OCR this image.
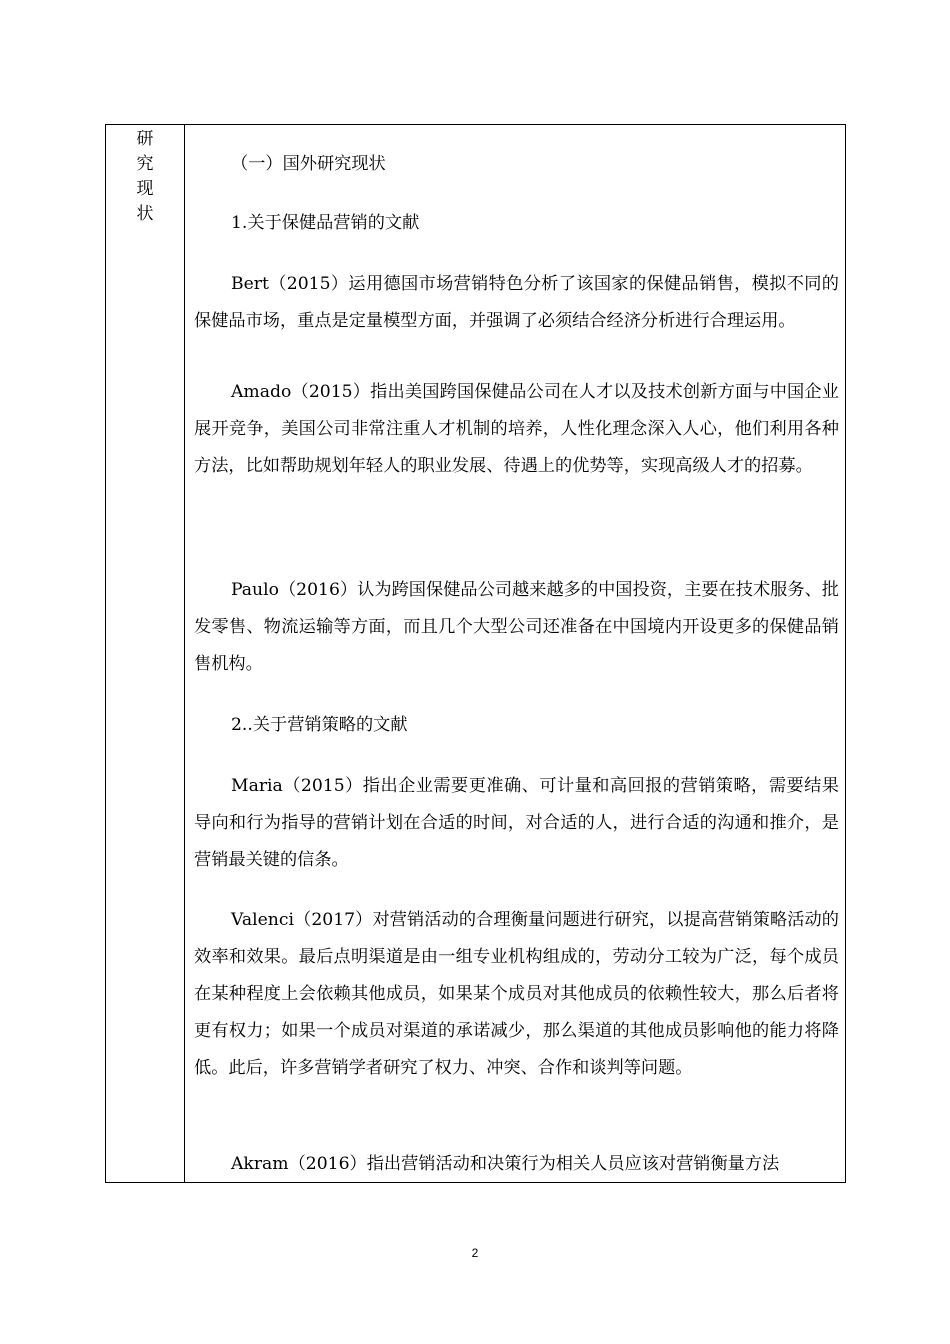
研
究
现
状

（一）国外研究现状

1.关于保健品营销的文献

Bert（2015）运用德国市场营销特色分析了该国家的保健品销售，模拟不同的保健品市场，重点是定量模型方面，并强调了必须结合经济分析进行合理运用。

Amado（2015）指出美国跨国保健品公司在人才以及技术创新方面与中国企业展开竞争，美国公司非常注重人才机制的培养，人性化理念深入人心，他们利用各种方法，比如帮助规划年轻人的职业发展、待遇上的优势等，实现高级人才的招募。

Paulo（2016）认为跨国保健品公司越来越多的中国投资，主要在技术服务、批发零售、物流运输等方面，而且几个大型公司还准备在中国境内开设更多的保健品销售机构。

2..关于营销策略的文献

Maria（2015）指出企业需要更准确、可计量和高回报的营销策略，需要结果导向和行为指导的营销计划在合适的时间，对合适的人，进行合适的沟通和推介，是营销最关键的信条。

Valenci（2017）对营销活动的合理衡量问题进行研究，以提高营销策略活动的效率和效果。最后点明渠道是由一组专业机构组成的，劳动分工较为广泛，每个成员在某种程度上会依赖其他成员，如果某个成员对其他成员的依赖性较大，那么后者将更有权力；如果一个成员对渠道的承诺减少，那么渠道的其他成员影响他的能力将降低。此后，许多营销学者研究了权力、冲突、合作和谈判等问题。

Akram（2016）指出营销活动和决策行为相关人员应该对营销衡量方法

2
